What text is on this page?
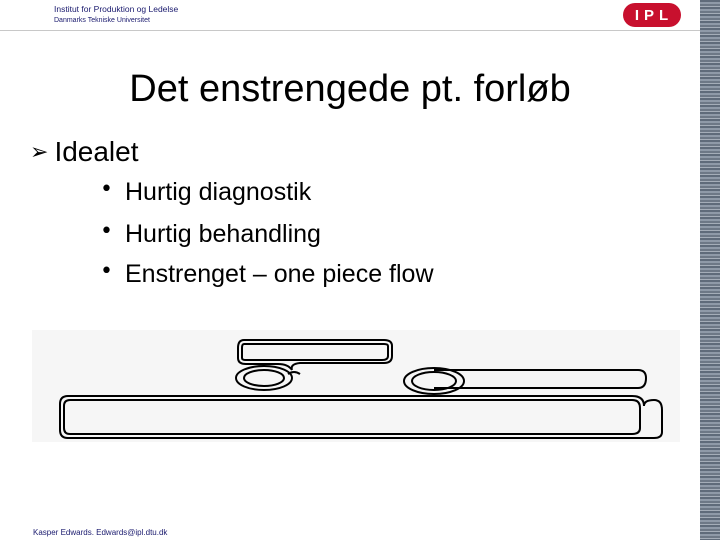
Institut for Produktion og Ledelse
Danmarks Tekniske Universitet	IPL
Det enstrengede pt. forløb
➢ Idealet
• Hurtig diagnostik
• Hurtig behandling
• Enstrenget – one piece flow
Kasper Edwards. Edwards@ipl.dtu.dk
